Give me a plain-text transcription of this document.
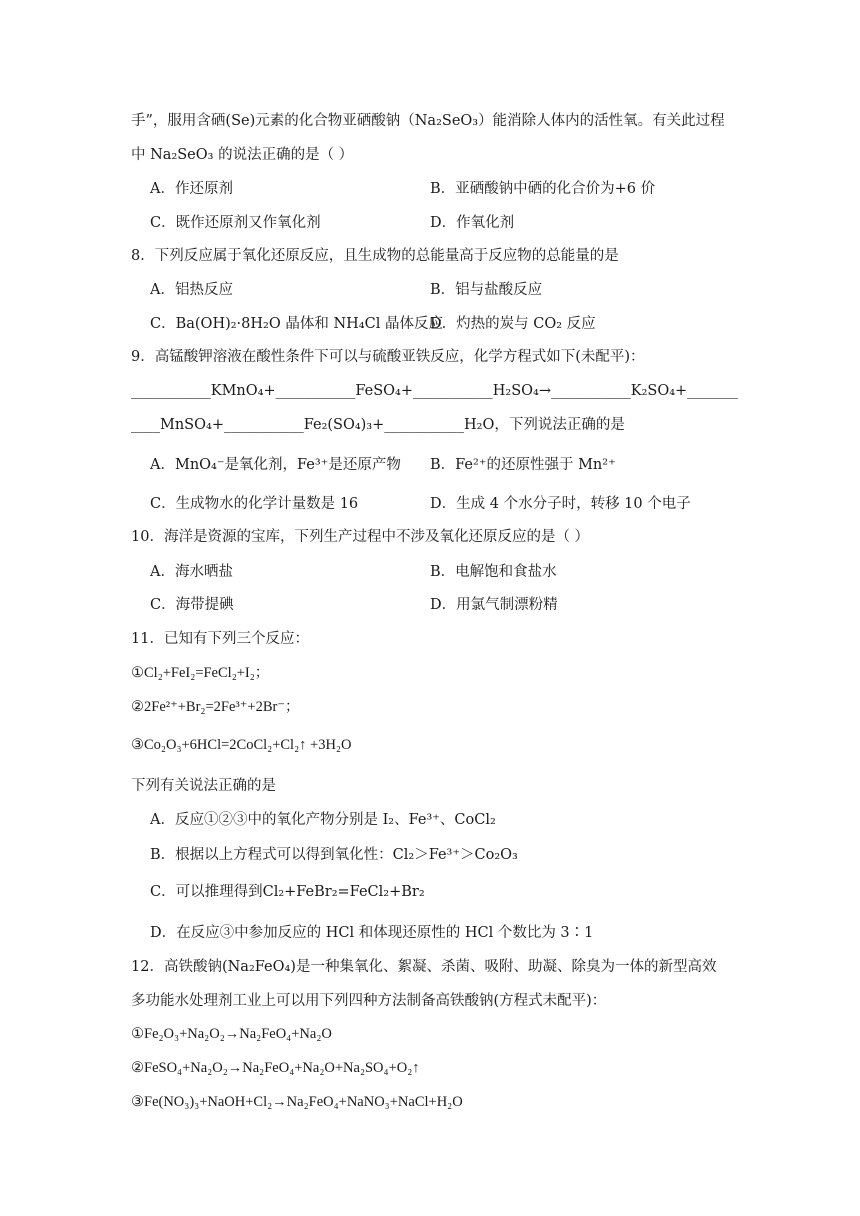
手”，服用含硒(Se)元素的化合物亚硒酸钠（Na₂SeO₃）能消除人体内的活性氧。有关此过程
中 Na₂SeO₃ 的说法正确的是（ ）
A．作还原剂	B．亚硒酸钠中硒的化合价为+6 价
C．既作还原剂又作氧化剂	D．作氧化剂
8．下列反应属于氧化还原反应，且生成物的总能量高于反应物的总能量的是
A．铝热反应	B．铝与盐酸反应
C．Ba(OH)₂·8H₂O 晶体和 NH₄Cl 晶体反应
D．灼热的炭与 CO₂ 反应
9．高锰酸钾溶液在酸性条件下可以与硫酸亚铁反应，化学方程式如下(未配平)：
___________KMnO₄+___________FeSO₄+___________H₂SO₄→___________K₂SO₄+_______
____MnSO₄+___________Fe₂(SO₄)₃+___________H₂O，下列说法正确的是
A．MnO₄⁻是氧化剂，Fe³⁺是还原产物 B．Fe²⁺的还原性强于 Mn²⁺
C．生成物水的化学计量数是 16	D．生成 4 个水分子时，转移 10 个电子
10．海洋是资源的宝库，下列生产过程中不涉及氧化还原反应的是（ ）
A．海水晒盐	B．电解饱和食盐水
C．海带提碘	D．用氯气制漂粉精
11．已知有下列三个反应：
①Cl₂+FeI₂=FeCl₂+I₂；
②2Fe²⁺+Br₂=2Fe³⁺+2Br⁻；
③Co₂O₃+6HCl=2CoCl₂+Cl₂↑ +3H₂O
下列有关说法正确的是
A．反应①②③中的氧化产物分别是 I₂、Fe³⁺、CoCl₂
B．根据以上方程式可以得到氧化性：Cl₂＞Fe³⁺＞Co₂O₃
C．可以推理得到Cl₂+FeBr₂=FeCl₂+Br₂
D．在反应③中参加反应的 HCl 和体现还原性的 HCl 个数比为 3∶1
12．高铁酸钠(Na₂FeO₄)是一种集氧化、絮凝、杀菌、吸附、助凝、除臭为一体的新型高效
多功能水处理剂工业上可以用下列四种方法制备高铁酸钠(方程式未配平)：
①Fe₂O₃+Na₂O₂→Na₂FeO₄+Na₂O
②FeSO₄+Na₂O₂→Na₂FeO₄+Na₂O+Na₂SO₄+O₂↑
③Fe(NO₃)₃+NaOH+Cl₂→Na₂FeO₄+NaNO₃+NaCl+H₂O
